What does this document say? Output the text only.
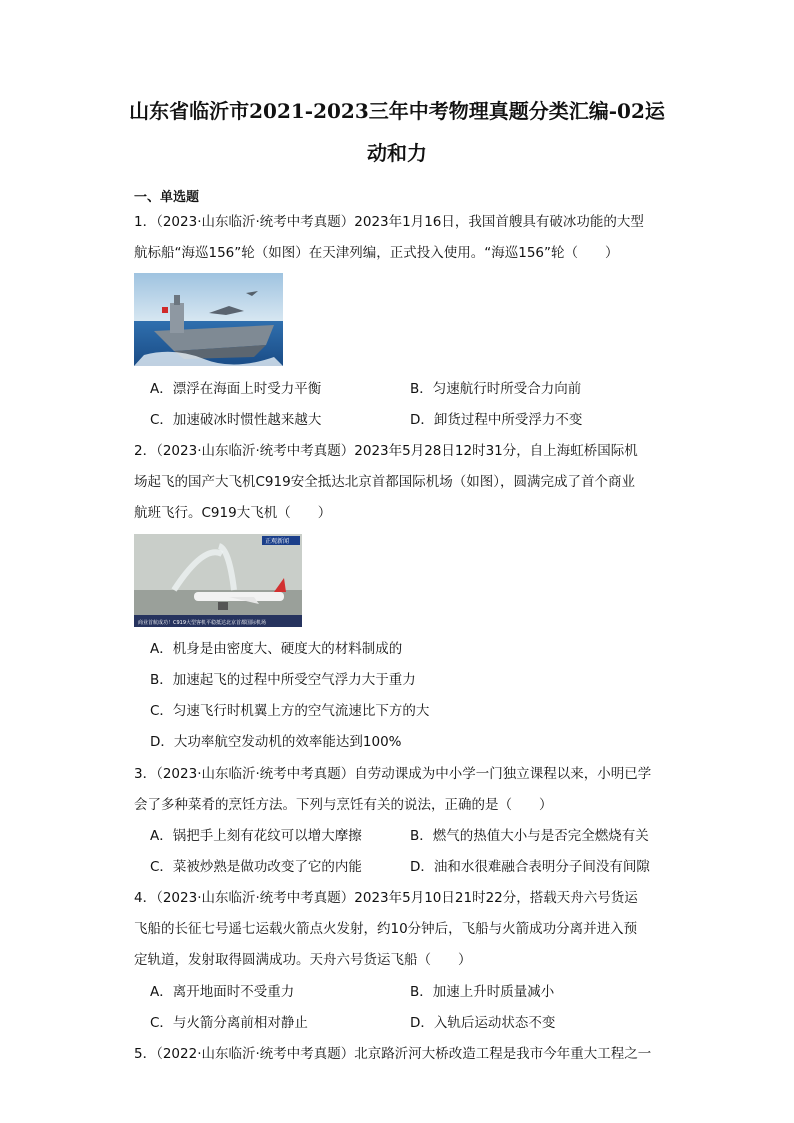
山东省临沂市2021-2023三年中考物理真题分类汇编-02运
动和力
一、单选题
1．（2023·山东临沂·统考中考真题）2023年1月16日，我国首艘具有破冰功能的大型
航标船“海巡156”轮（如图）在天津列编，正式投入使用。“海巡156”轮（　　）
A．漂浮在海面上时受力平衡	B．匀速航行时所受合力向前
C．加速破冰时惯性越来越大	D．卸货过程中所受浮力不变
2．（2023·山东临沂·统考中考真题）2023年5月28日12时31分，自上海虹桥国际机
场起飞的国产大飞机C919安全抵达北京首都国际机场（如图），圆满完成了首个商业
航班飞行。C919大飞机（　　）
商业首航成功！C919大型客机平稳抵达北京首都国际机场
正观新闻
A．机身是由密度大、硬度大的材料制成的
B．加速起飞的过程中所受空气浮力大于重力
C．匀速飞行时机翼上方的空气流速比下方的大
D．大功率航空发动机的效率能达到100%
3．（2023·山东临沂·统考中考真题）自劳动课成为中小学一门独立课程以来，小明已学
会了多种菜肴的烹饪方法。下列与烹饪有关的说法，正确的是（　　）
A．锅把手上刻有花纹可以增大摩擦	B．燃气的热值大小与是否完全燃烧有关
C．菜被炒熟是做功改变了它的内能	D．油和水很难融合表明分子间没有间隙
4．（2023·山东临沂·统考中考真题）2023年5月10日21时22分，搭载天舟六号货运
飞船的长征七号遥七运载火箭点火发射，约10分钟后，飞船与火箭成功分离并进入预
定轨道，发射取得圆满成功。天舟六号货运飞船（　　）
A．离开地面时不受重力	B．加速上升时质量减小
C．与火箭分离前相对静止	D．入轨后运动状态不变
5．（2022·山东临沂·统考中考真题）北京路沂河大桥改造工程是我市今年重大工程之一
